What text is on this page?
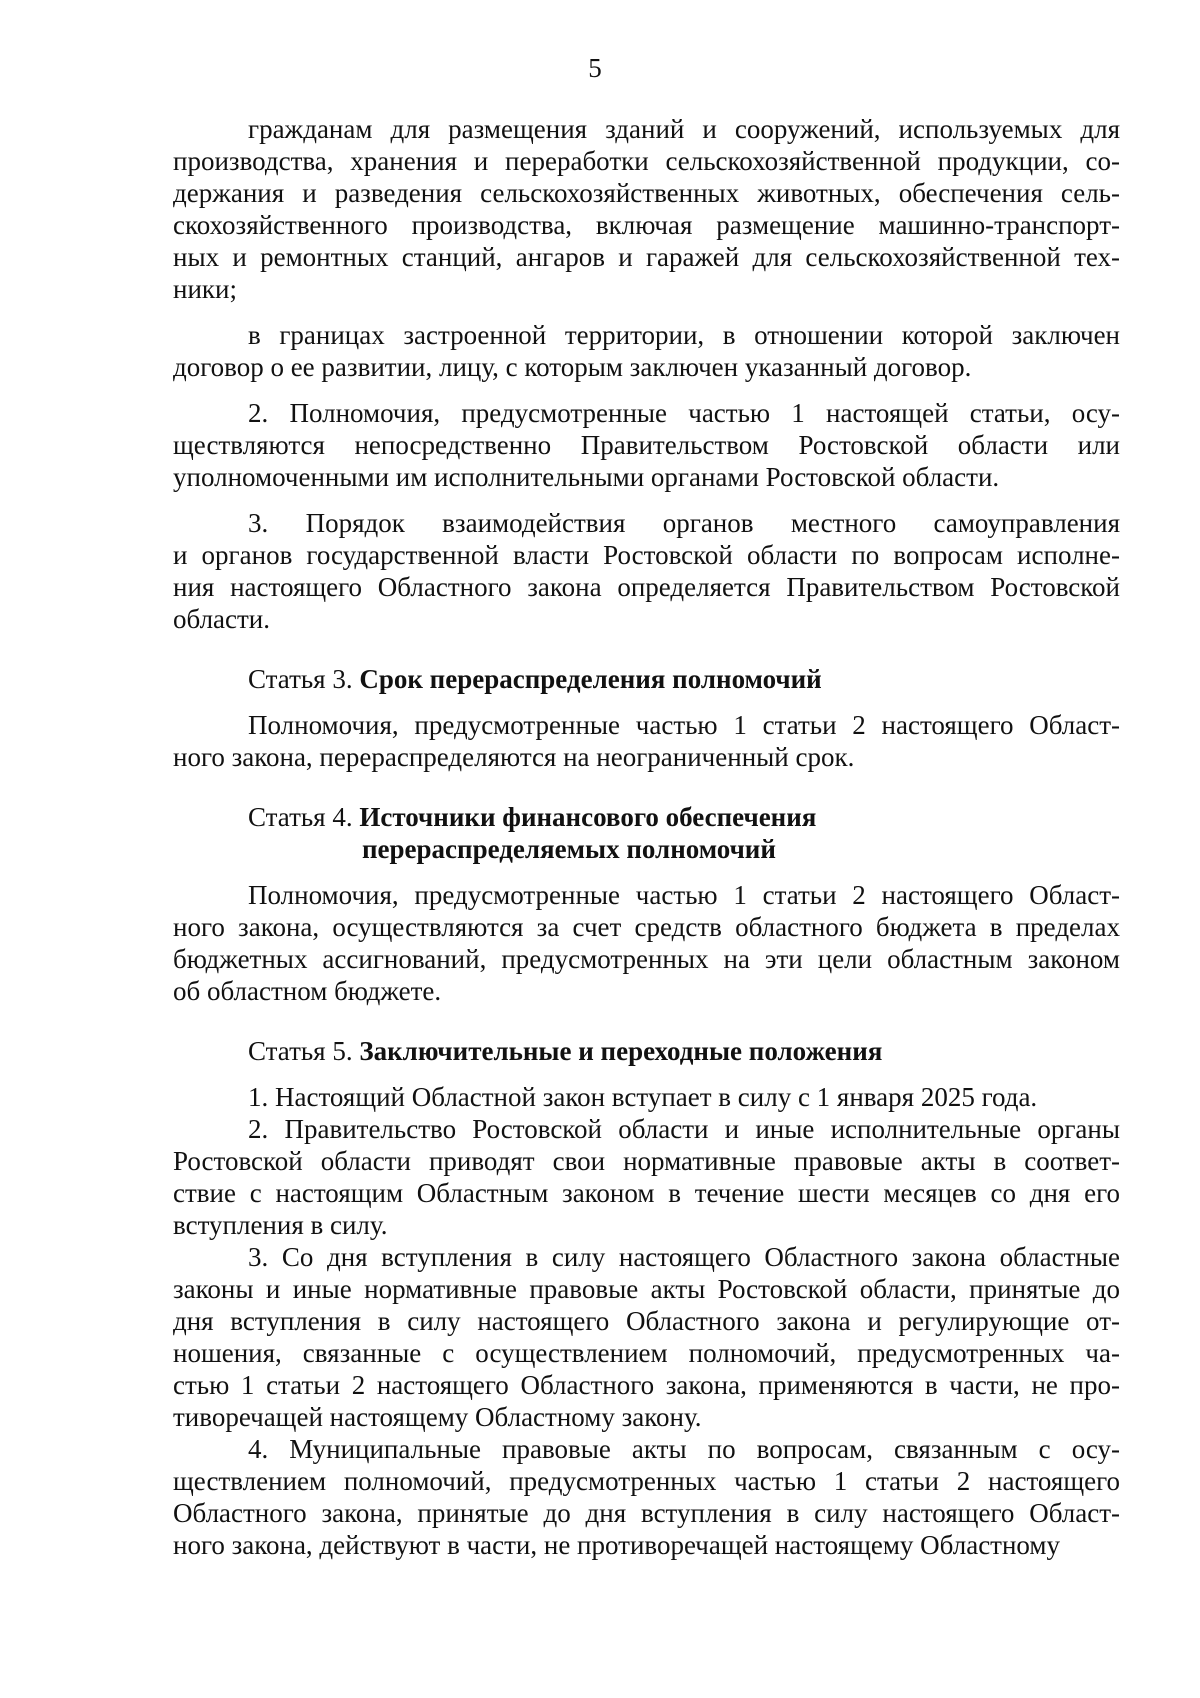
5
гражданам для размещения зданий и сооружений, используемых для
производства, хранения и переработки сельскохозяйственной продукции, со-
держания и разведения сельскохозяйственных животных, обеспечения сель-
скохозяйственного производства, включая размещение машинно-транспорт-
ных и ремонтных станций, ангаров и гаражей для сельскохозяйственной тех-
ники;
в границах застроенной территории, в отношении которой заключен
договор о ее развитии, лицу, с которым заключен указанный договор.
2. Полномочия, предусмотренные частью 1 настоящей статьи, осу-
ществляются непосредственно Правительством Ростовской области или
уполномоченными им исполнительными органами Ростовской области.
3. Порядок взаимодействия органов местного самоуправления
и органов государственной власти Ростовской области по вопросам исполне-
ния настоящего Областного закона определяется Правительством Ростовской
области.
Статья 3. Срок перераспределения полномочий
Полномочия, предусмотренные частью 1 статьи 2 настоящего Област-
ного закона, перераспределяются на неограниченный срок.
Статья 4. Источники финансового обеспечения
перераспределяемых полномочий
Полномочия, предусмотренные частью 1 статьи 2 настоящего Област-
ного закона, осуществляются за счет средств областного бюджета в пределах
бюджетных ассигнований, предусмотренных на эти цели областным законом
об областном бюджете.
Статья 5. Заключительные и переходные положения
1. Настоящий Областной закон вступает в силу с 1 января 2025 года.
2. Правительство Ростовской области и иные исполнительные органы
Ростовской области приводят свои нормативные правовые акты в соответ-
ствие с настоящим Областным законом в течение шести месяцев со дня его
вступления в силу.
3. Со дня вступления в силу настоящего Областного закона областные
законы и иные нормативные правовые акты Ростовской области, принятые до
дня вступления в силу настоящего Областного закона и регулирующие от-
ношения, связанные с осуществлением полномочий, предусмотренных ча-
стью 1 статьи 2 настоящего Областного закона, применяются в части, не про-
тиворечащей настоящему Областному закону.
4. Муниципальные правовые акты по вопросам, связанным с осу-
ществлением полномочий, предусмотренных частью 1 статьи 2 настоящего
Областного закона, принятые до дня вступления в силу настоящего Област-
ного закона, действуют в части, не противоречащей настоящему Областному
